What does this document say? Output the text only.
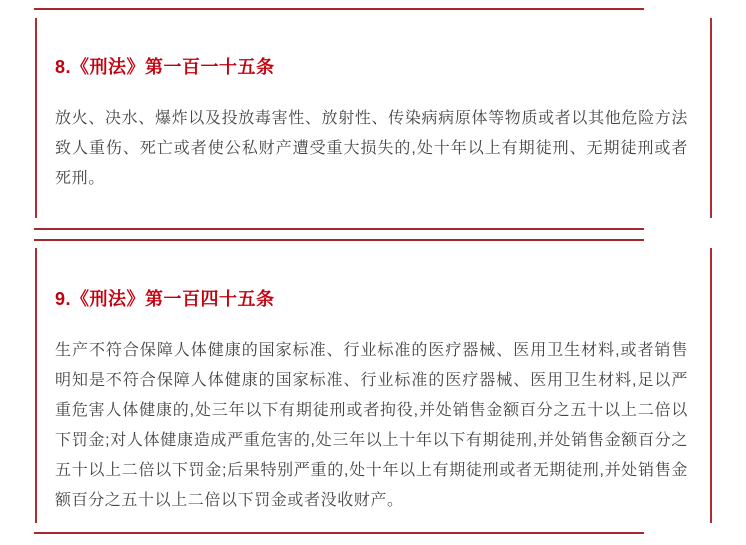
8.《刑法》第一百一十五条

放火、决水、爆炸以及投放毒害性、放射性、传染病病原体等物质或者以其他危险方法致人重伤、死亡或者使公私财产遭受重大损失的,处十年以上有期徒刑、无期徒刑或者死刑。

9.《刑法》第一百四十五条

生产不符合保障人体健康的国家标准、行业标准的医疗器械、医用卫生材料,或者销售明知是不符合保障人体健康的国家标准、行业标准的医疗器械、医用卫生材料,足以严重危害人体健康的,处三年以下有期徒刑或者拘役,并处销售金额百分之五十以上二倍以下罚金;对人体健康造成严重危害的,处三年以上十年以下有期徒刑,并处销售金额百分之五十以上二倍以下罚金;后果特别严重的,处十年以上有期徒刑或者无期徒刑,并处销售金额百分之五十以上二倍以下罚金或者没收财产。
